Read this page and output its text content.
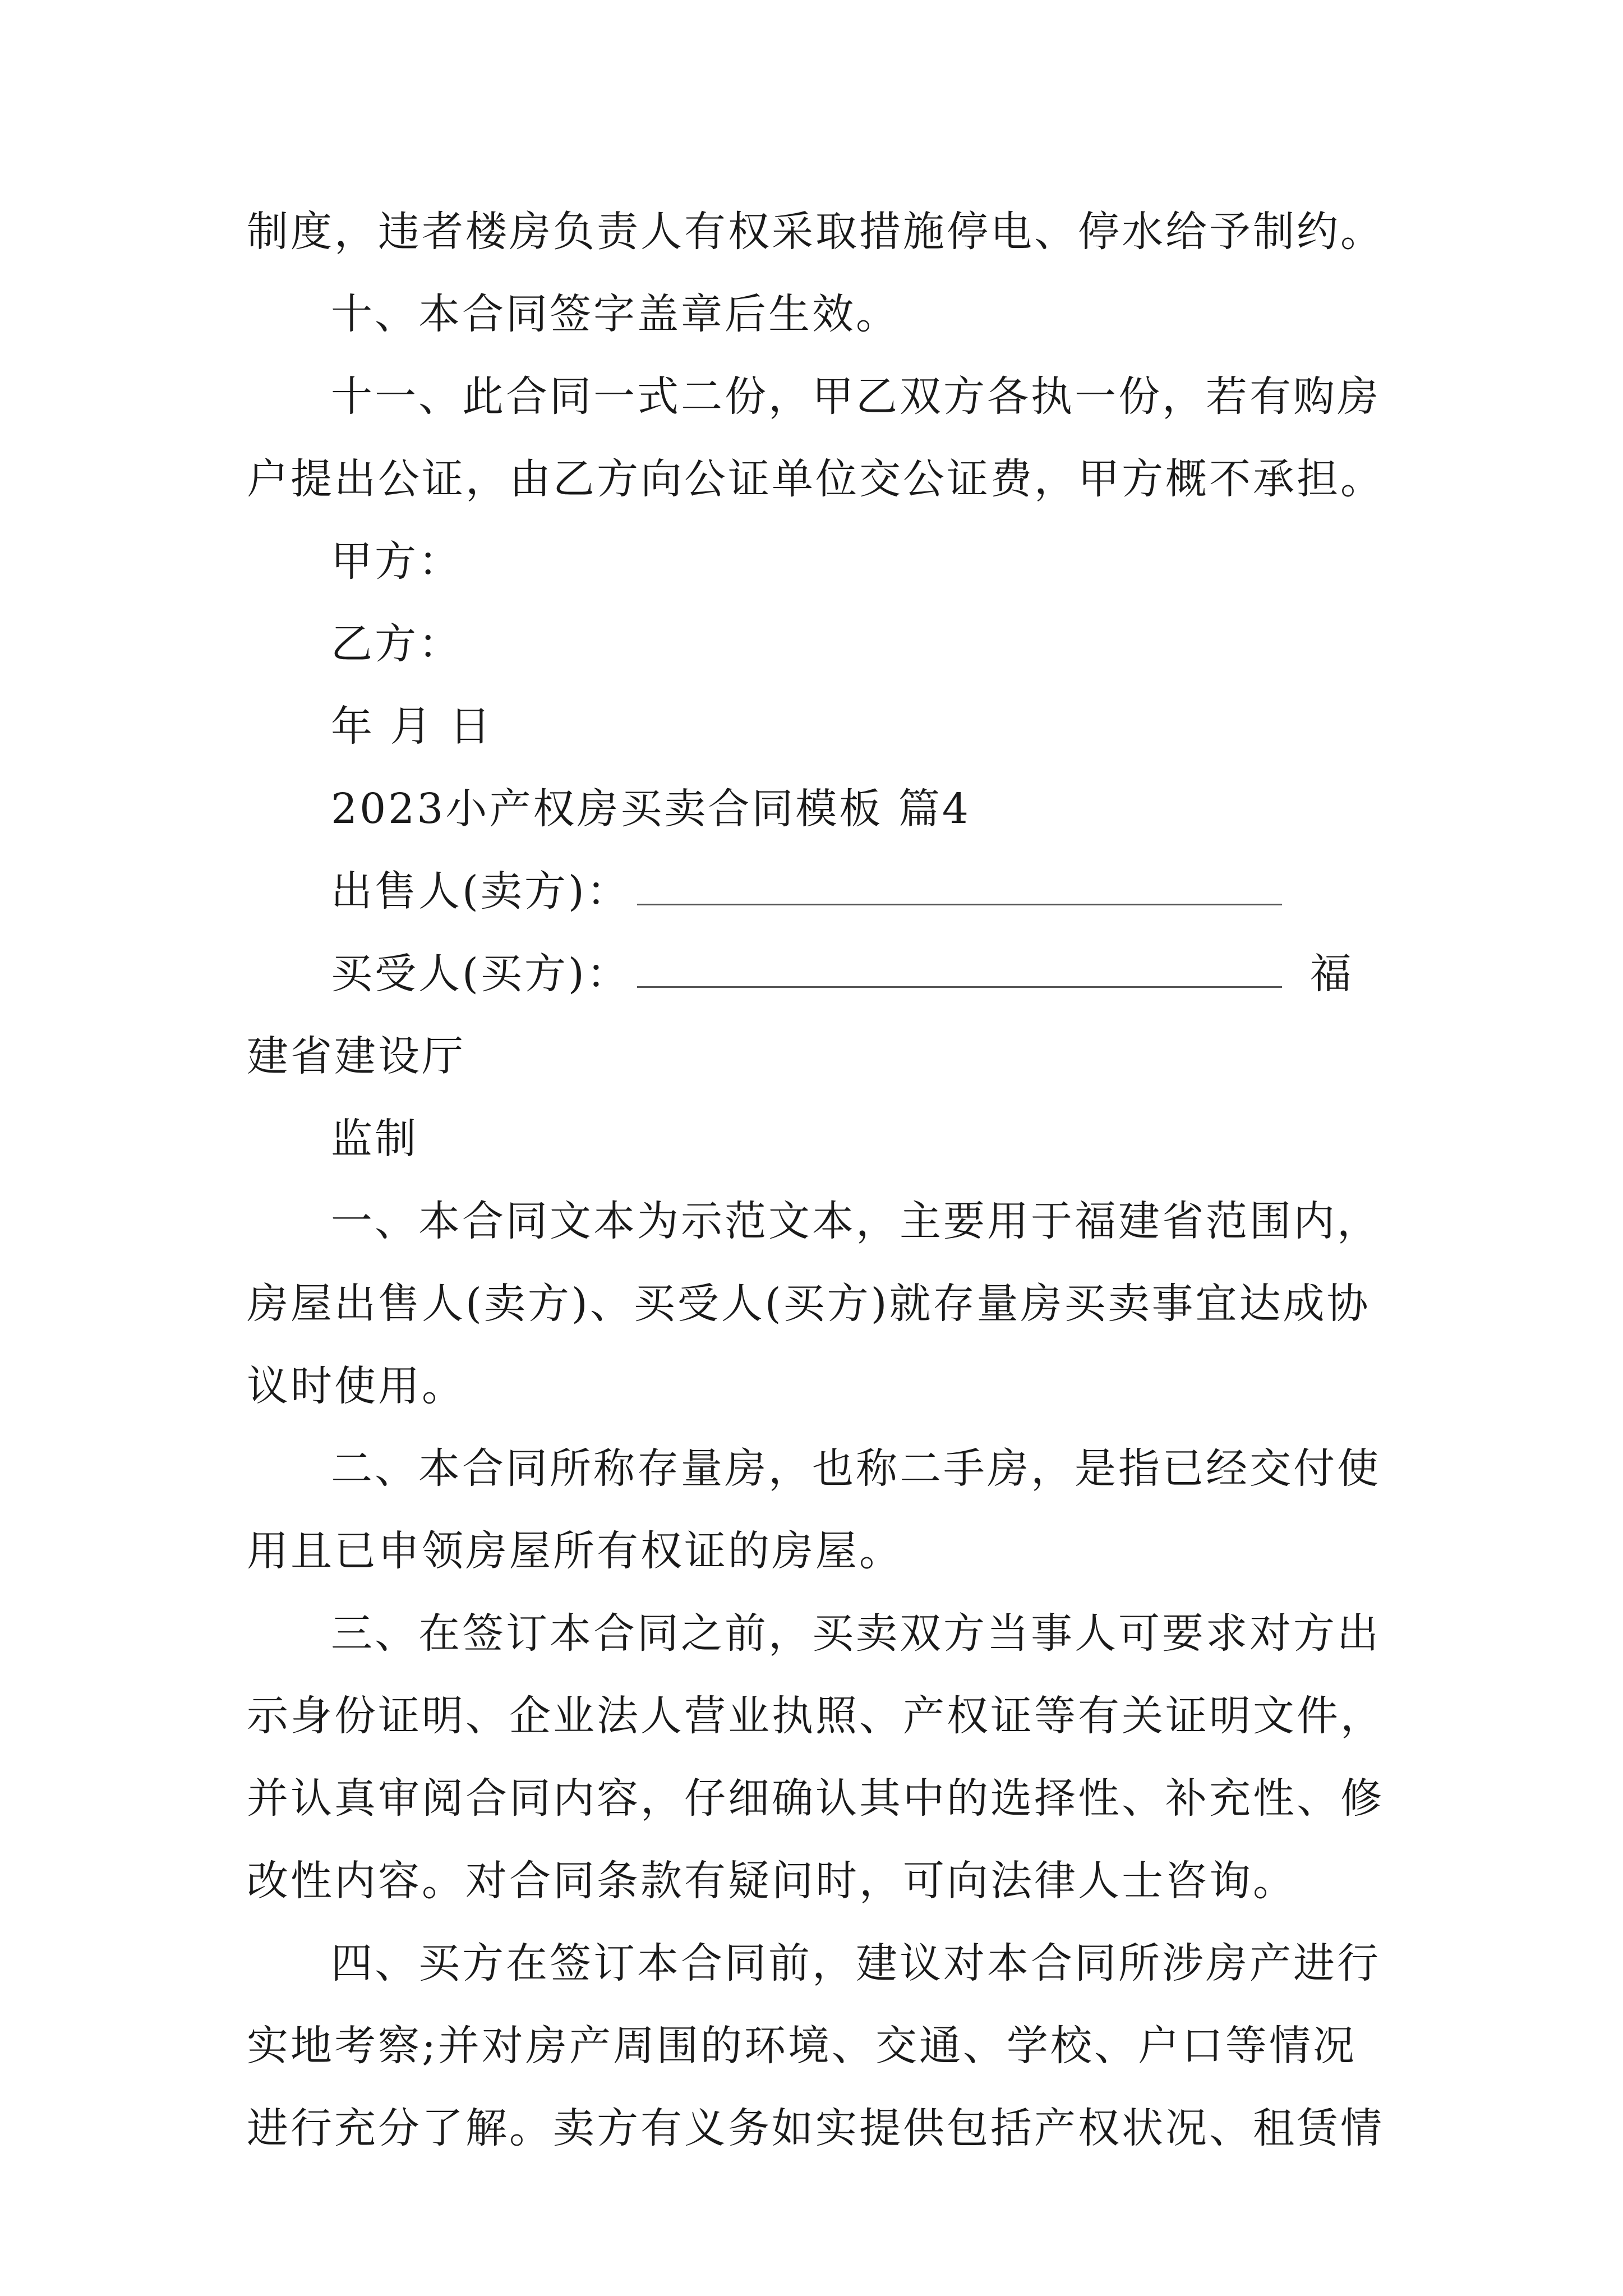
制度，违者楼房负责人有权采取措施停电、停水给予制约。
十、本合同签字盖章后生效。
十一、此合同一式二份，甲乙双方各执一份，若有购房
户提出公证，由乙方向公证单位交公证费，甲方概不承担。
甲方：
乙方：
年 月 日
2023小产权房买卖合同模板 篇4
出售人(卖方)：
买受人(买方)：	福
建省建设厅
监制
一、本合同文本为示范文本，主要用于福建省范围内，
房屋出售人(卖方)、买受人(买方)就存量房买卖事宜达成协
议时使用。
二、本合同所称存量房，也称二手房，是指已经交付使
用且已申领房屋所有权证的房屋。
三、在签订本合同之前，买卖双方当事人可要求对方出
示身份证明、企业法人营业执照、产权证等有关证明文件，
并认真审阅合同内容，仔细确认其中的选择性、补充性、修
改性内容。对合同条款有疑问时，可向法律人士咨询。
四、买方在签订本合同前，建议对本合同所涉房产进行
实地考察;并对房产周围的环境、交通、学校、户口等情况
进行充分了解。卖方有义务如实提供包括产权状况、租赁情
